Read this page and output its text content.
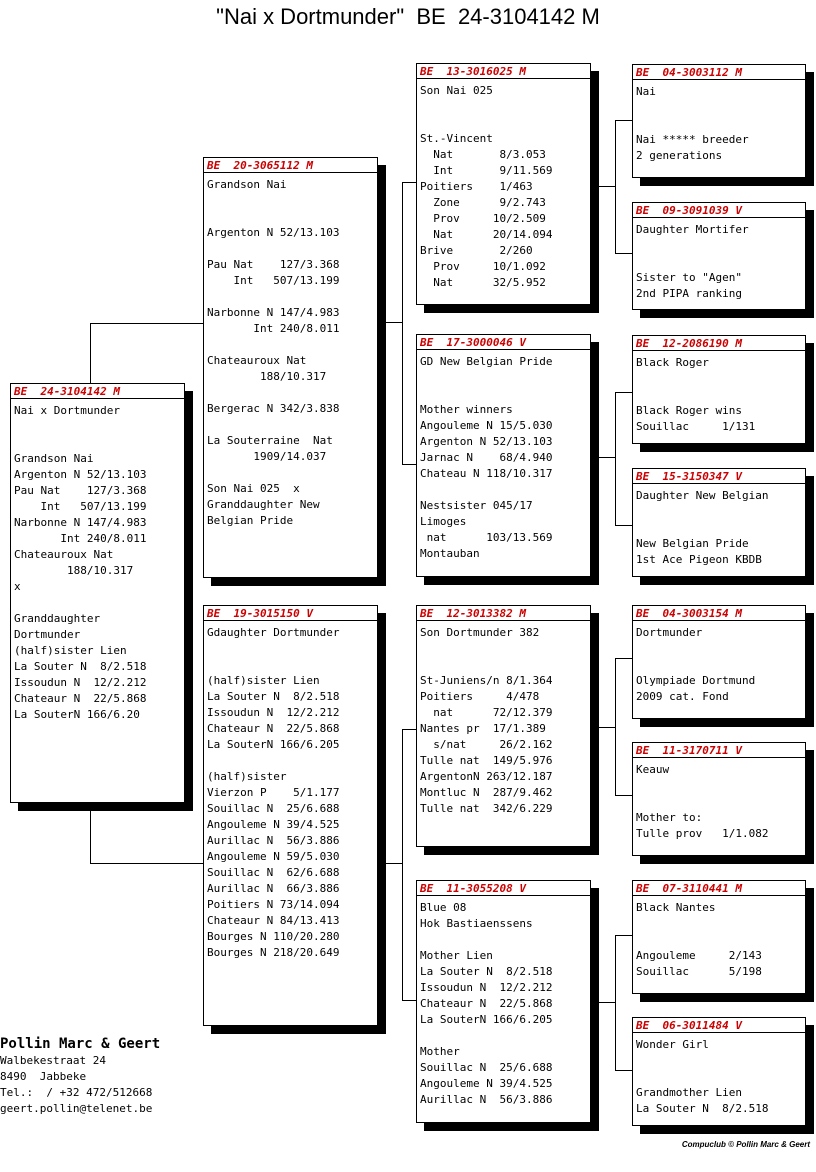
"Nai x Dortmunder"  BE  24-3104142 M
BE  24-3104142 M
Nai x Dortmunder

Grandson Nai
Argenton N 52/13.103
Pau Nat    127/3.368
Int   507/13.199
Narbonne N 147/4.983
Int 240/8.011
Chateauroux Nat
188/10.317
x

Granddaughter
Dortmunder
(half)sister Lien
La Souter N  8/2.518
Issoudun N  12/2.212
Chateaur N  22/5.868
La SouterN 166/6.20
BE  20-3065112 M
Grandson Nai

Argenton N 52/13.103

Pau Nat    127/3.368
Int   507/13.199

Narbonne N 147/4.983
Int 240/8.011

Chateauroux Nat
188/10.317

Bergerac N 342/3.838

La Souterraine  Nat
1909/14.037

Son Nai 025  x
Granddaughter New
Belgian Pride
BE  19-3015150 V
Gdaughter Dortmunder

(half)sister Lien
La Souter N  8/2.518
Issoudun N  12/2.212
Chateaur N  22/5.868
La SouterN 166/6.205

(half)sister
Vierzon P    5/1.177
Souillac N  25/6.688
Angouleme N 39/4.525
Aurillac N  56/3.886
Angouleme N 59/5.030
Souillac N  62/6.688
Aurillac N  66/3.886
Poitiers N 73/14.094
Chateaur N 84/13.413
Bourges N 110/20.280
Bourges N 218/20.649
BE  13-3016025 M
Son Nai 025

St.-Vincent
Nat       8/3.053
Int       9/11.569
Poitiers    1/463
Zone      9/2.743
Prov     10/2.509
Nat      20/14.094
Brive       2/260
Prov     10/1.092
Nat      32/5.952
BE  17-3000046 V
GD New Belgian Pride

Mother winners
Angouleme N 15/5.030
Argenton N 52/13.103
Jarnac N    68/4.940
Chateau N 118/10.317

Nestsister 045/17
Limoges
nat      103/13.569
Montauban
BE  12-3013382 M
Son Dortmunder 382

St-Juniens/n 8/1.364
Poitiers     4/478
nat      72/12.379
Nantes pr  17/1.389
s/nat     26/2.162
Tulle nat  149/5.976
ArgentonN 263/12.187
Montluc N  287/9.462
Tulle nat  342/6.229
BE  11-3055208 V
Blue 08
Hok Bastiaenssens

Mother Lien
La Souter N  8/2.518
Issoudun N  12/2.212
Chateaur N  22/5.868
La SouterN 166/6.205

Mother
Souillac N  25/6.688
Angouleme N 39/4.525
Aurillac N  56/3.886
BE  04-3003112 M
Nai

Nai ***** breeder
2 generations
BE  09-3091039 V
Daughter Mortifer

Sister to "Agen"
2nd PIPA ranking
BE  12-2086190 M
Black Roger

Black Roger wins
Souillac     1/131
BE  15-3150347 V
Daughter New Belgian

New Belgian Pride
1st Ace Pigeon KBDB
BE  04-3003154 M
Dortmunder

Olympiade Dortmund
2009 cat. Fond
BE  11-3170711 V
Keauw

Mother to:
Tulle prov   1/1.082
BE  07-3110441 M
Black Nantes

Angouleme     2/143
Souillac      5/198
BE  06-3011484 V
Wonder Girl

Grandmother Lien
La Souter N  8/2.518
Pollin Marc & Geert
Walbekestraat 24
8490  Jabbeke
Tel.:  / +32 472/512668
geert.pollin@telenet.be
Compuclub © Pollin Marc & Geert
